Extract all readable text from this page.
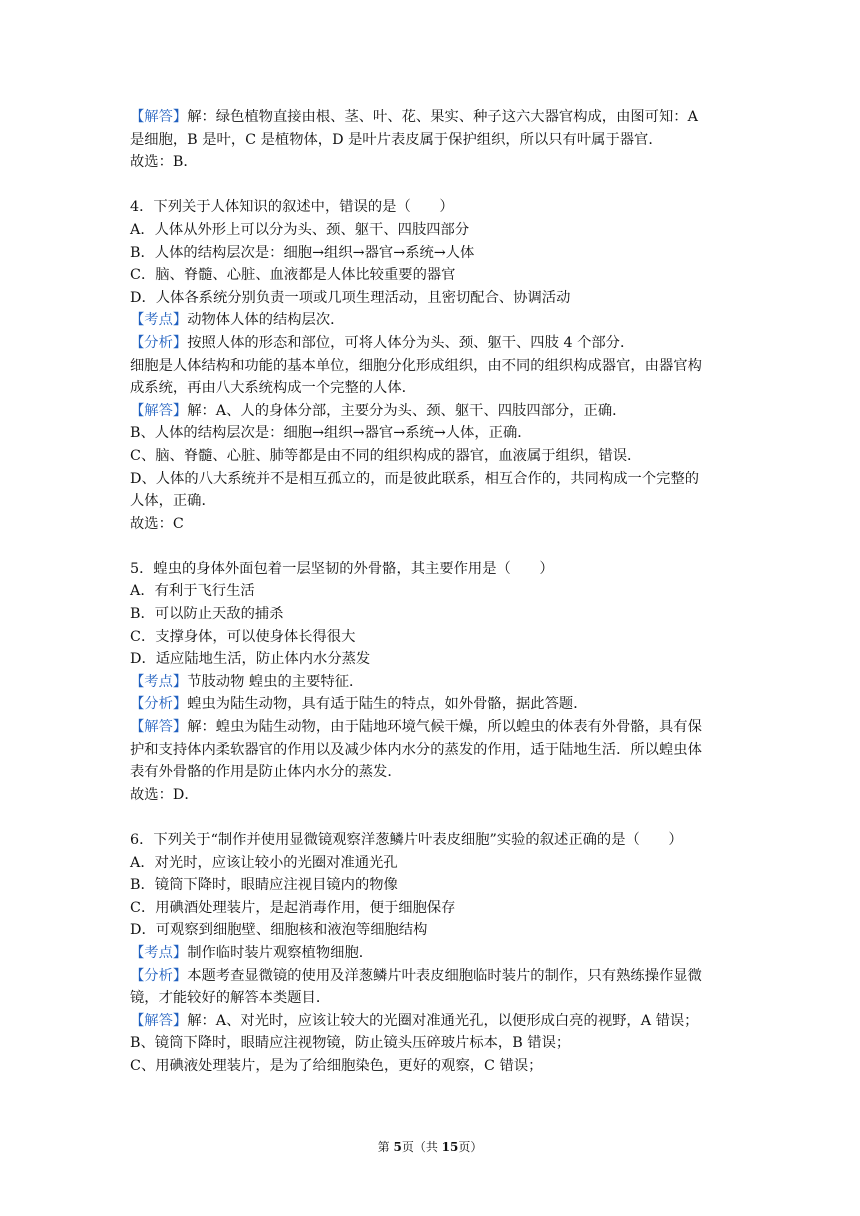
【解答】解：绿色植物直接由根、茎、叶、花、果实、种子这六大器官构成，由图可知：A
是细胞，B 是叶，C 是植物体，D 是叶片表皮属于保护组织，所以只有叶属于器官．
故选：B．
4．下列关于人体知识的叙述中，错误的是（　　）
A．人体从外形上可以分为头、颈、躯干、四肢四部分
B．人体的结构层次是：细胞→组织→器官→系统→人体
C．脑、脊髓、心脏、血液都是人体比较重要的器官
D．人体各系统分别负责一项或几项生理活动，且密切配合、协调活动
【考点】动物体人体的结构层次．
【分析】按照人体的形态和部位，可将人体分为头、颈、躯干、四肢 4 个部分．
细胞是人体结构和功能的基本单位，细胞分化形成组织，由不同的组织构成器官，由器官构
成系统，再由八大系统构成一个完整的人体．
【解答】解：A、人的身体分部，主要分为头、颈、躯干、四肢四部分，正确．
B、人体的结构层次是：细胞→组织→器官→系统→人体，正确．
C、脑、脊髓、心脏、肺等都是由不同的组织构成的器官，血液属于组织，错误．
D、人体的八大系统并不是相互孤立的，而是彼此联系，相互合作的，共同构成一个完整的
人体，正确．
故选：C
5．蝗虫的身体外面包着一层坚韧的外骨骼，其主要作用是（　　）
A．有利于飞行生活
B．可以防止天敌的捕杀
C．支撑身体，可以使身体长得很大
D．适应陆地生活，防止体内水分蒸发
【考点】节肢动物 蝗虫的主要特征．
【分析】蝗虫为陆生动物，具有适于陆生的特点，如外骨骼，据此答题．
【解答】解：蝗虫为陆生动物，由于陆地环境气候干燥，所以蝗虫的体表有外骨骼，具有保
护和支持体内柔软器官的作用以及减少体内水分的蒸发的作用，适于陆地生活．所以蝗虫体
表有外骨骼的作用是防止体内水分的蒸发．
故选：D．
6．下列关于“制作并使用显微镜观察洋葱鳞片叶表皮细胞”实验的叙述正确的是（　　）
A．对光时，应该让较小的光圈对准通光孔
B．镜筒下降时，眼睛应注视目镜内的物像
C．用碘酒处理装片，是起消毒作用，便于细胞保存
D．可观察到细胞壁、细胞核和液泡等细胞结构
【考点】制作临时装片观察植物细胞．
【分析】本题考查显微镜的使用及洋葱鳞片叶表皮细胞临时装片的制作，只有熟练操作显微
镜，才能较好的解答本类题目．
【解答】解：A、对光时，应该让较大的光圈对准通光孔，以便形成白亮的视野，A 错误；
B、镜筒下降时，眼睛应注视物镜，防止镜头压碎玻片标本，B 错误；
C、用碘液处理装片，是为了给细胞染色，更好的观察，C 错误；
第 5页（共 15页）
